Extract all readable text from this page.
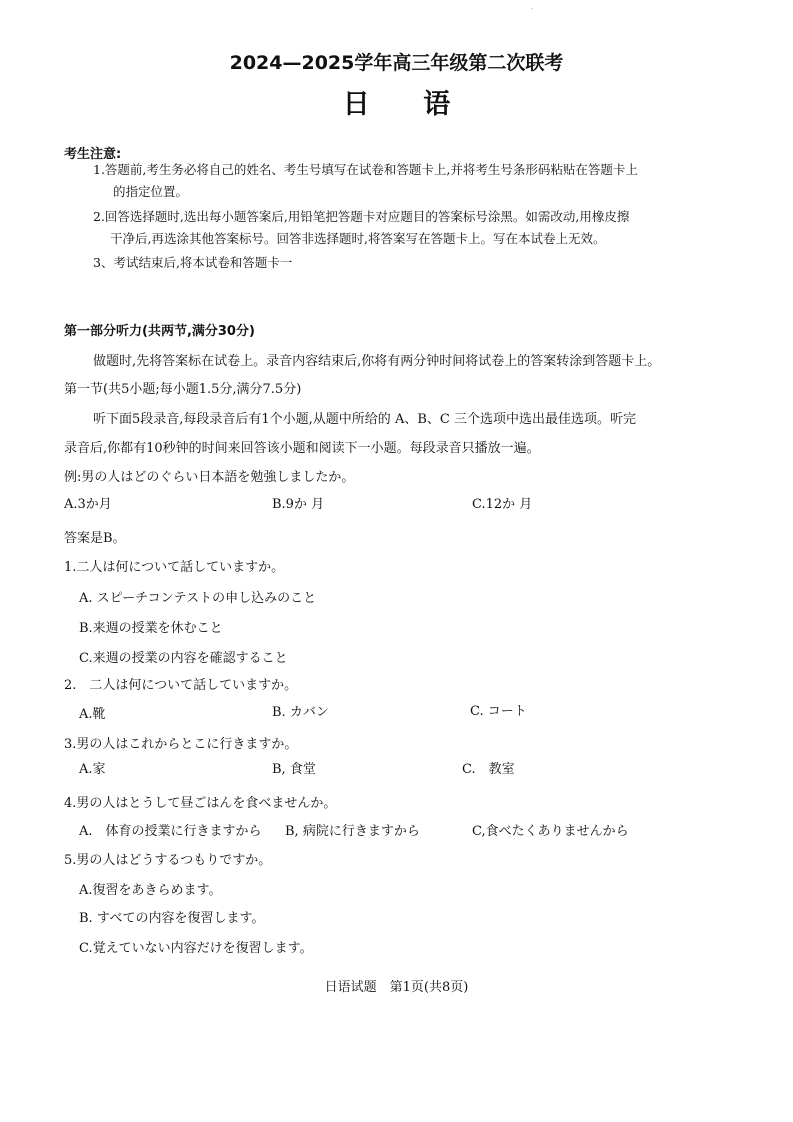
.
2024—2025学年高三年级第二次联考
日 语
考生注意:
1.答题前,考生务必将自己的姓名、考生号填写在试卷和答题卡上,并将考生号条形码粘贴在答题卡上
的指定位置。
2.回答选择题时,选出每小题答案后,用铅笔把答题卡对应题目的答案标号涂黑。如需改动,用橡皮擦
干净后,再选涂其他答案标号。回答非选择题时,将答案写在答题卡上。写在本试卷上无效。
3、考试结束后,将本试卷和答题卡一
第一部分听力(共两节,满分30分)
做题时,先将答案标在试卷上。录音内容结束后,你将有两分钟时间将试卷上的答案转涂到答题卡上。
第一节(共5小题;每小题1.5分,满分7.5分)
听下面5段录音,每段录音后有1个小题,从题中所给的 A、B、C 三个选项中选出最佳选项。听完
录音后,你都有10秒钟的时间来回答该小题和阅读下一小题。每段录音只播放一遍。
例:男の人はどのぐらい日本語を勉強しましたか。
A.3か月	B.9か 月	C.12か 月
答案是B。
1.二人は何について話していますか。
A. スピーチコンテストの申し込みのこと
B.来週の授業を休むこと
C.来週の授業の内容を確認すること
2.　二人は何について話していますか。
A.靴	B. カバン	C. コート
3.男の人はこれからとこに行きますか。
A.家	B, 食堂	C.　教室
4.男の人はとうして昼ごはんを食べませんか。
A.　体育の授業に行きますから B, 病院に行きますから	C,食べたくありませんから
5.男の人はどうするつもりですか。
A.復習をあきらめます。
B. すべての内容を復習します。
C.覚えていない内容だけを復習します。
日语试题　第1页(共8页)
